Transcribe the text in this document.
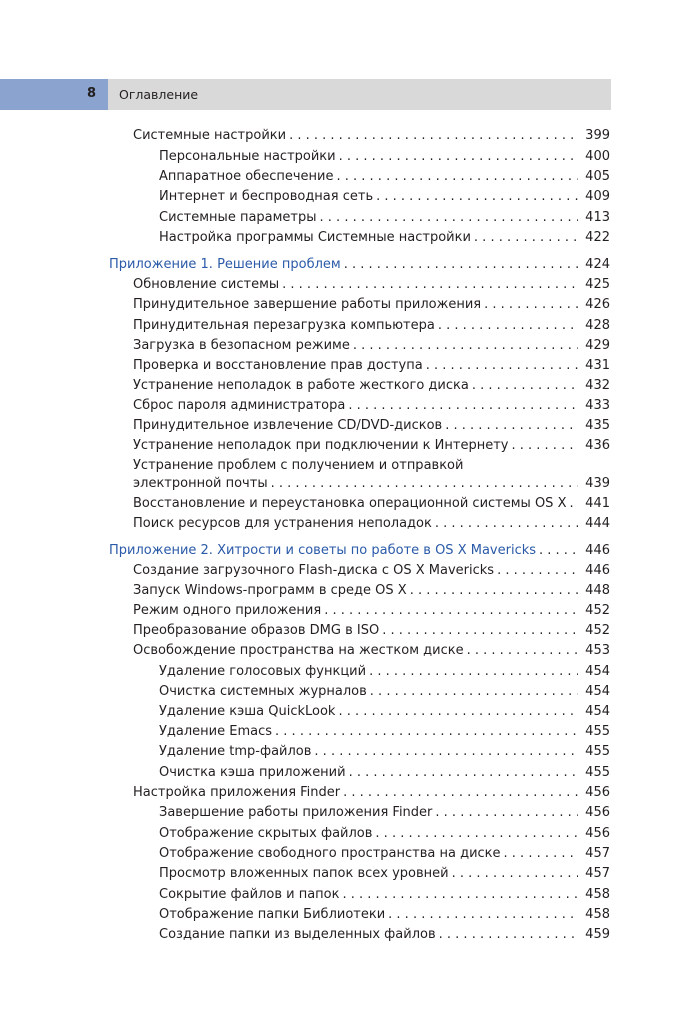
8 Оглавление
Системные настройки . . .	399
Персональные настройки . . .	400
Аппаратное обеспечение . . .	405
Интернет и беспроводная сеть . . .	409
Системные параметры . . .	413
Настройка программы Системные настройки . . .	422
Приложение 1. Решение проблем . . .	424
Обновление системы . . .	425
Принудительное завершение работы приложения . . .	426
Принудительная перезагрузка компьютера . . .	428
Загрузка в безопасном режиме . . .	429
Проверка и восстановление прав доступа . . .	431
Устранение неполадок в работе жесткого диска . . .	432
Сброс пароля администратора . . .	433
Принудительное извлечение CD/DVD-дисков . . .	435
Устранение неполадок при подключении к Интернету . . .	436
Устранение проблем с получением и отправкой
электронной почты . . .	439
Восстановление и переустановка операционной системы OS X . . . 441
Поиск ресурсов для устранения неполадок . . .	444
Приложение 2. Хитрости и советы по работе в OS X Mavericks . . .	446
Создание загрузочного Flash-диска с OS X Mavericks . . .	446
Запуск Windows-программ в среде OS X . . .	448
Режим одного приложения . . .	452
Преобразование образов DMG в ISO . . .	452
Освобождение пространства на жестком диске . . .	453
Удаление голосовых функций . . .	454
Очистка системных журналов . . .	454
Удаление кэша QuickLook . . .	454
Удаление Emacs . . .	455
Удаление tmp-файлов . . .	455
Очистка кэша приложений . . .	455
Настройка приложения Finder . . .	456
Завершение работы приложения Finder . . .	456
Отображение скрытых файлов . . .	456
Отображение свободного пространства на диске . . .	457
Просмотр вложенных папок всех уровней . . .	457
Сокрытие файлов и папок . . .	458
Отображение папки Библиотеки . . .	458
Создание папки из выделенных файлов . . .	459
